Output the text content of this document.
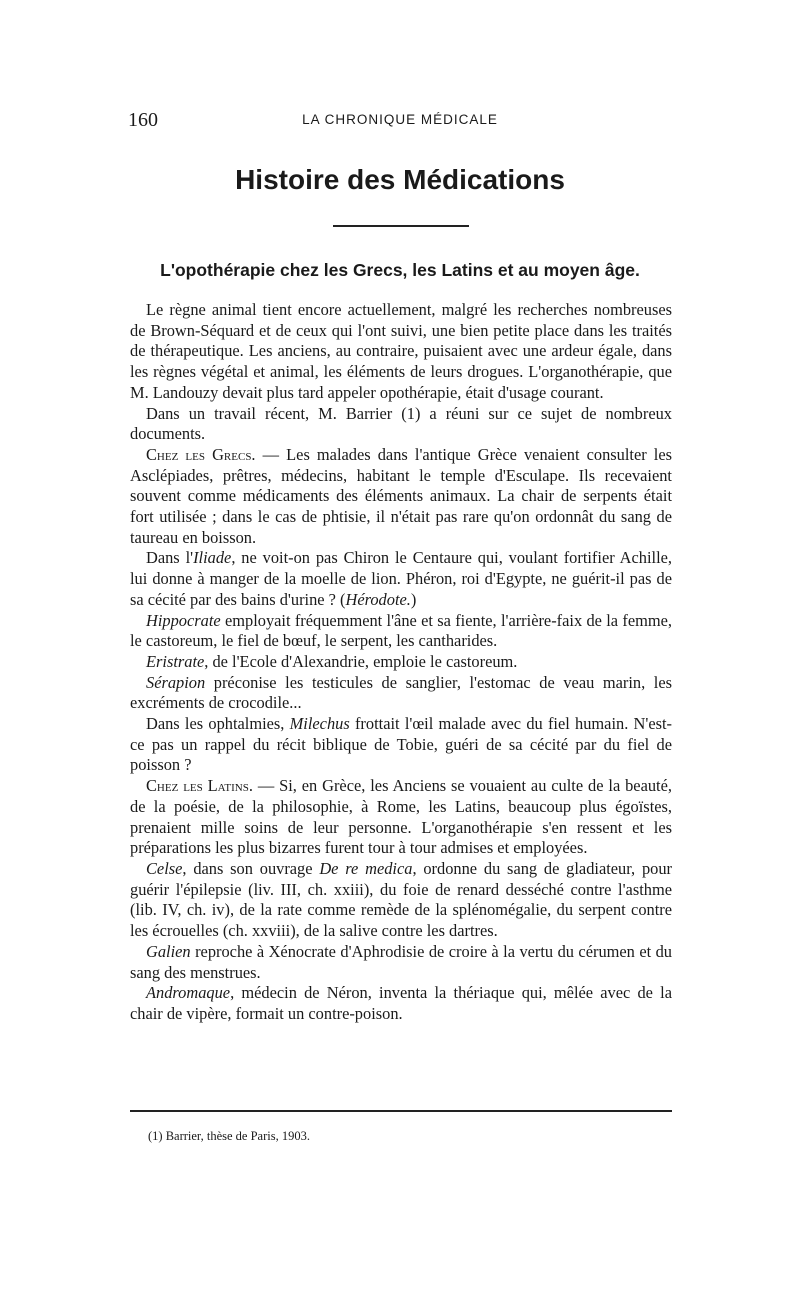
160	LA CHRONIQUE MÉDICALE
Histoire des Médications
L'opothérapie chez les Grecs, les Latins et au moyen âge.

Le règne animal tient encore actuellement, malgré les recherches nombreuses de Brown-Séquard et de ceux qui l'ont suivi, une bien petite place dans les traités de thérapeutique. Les anciens, au contraire, puisaient avec une ardeur égale, dans les règnes végétal et animal, les éléments de leurs drogues. L'organothérapie, que M. Landouzy devait plus tard appeler opothérapie, était d'usage courant.

Dans un travail récent, M. Barrier (1) a réuni sur ce sujet de nombreux documents.

Chez les Grecs. — Les malades dans l'antique Grèce venaient consulter les Asclépiades, prêtres, médecins, habitant le temple d'Esculape. Ils recevaient souvent comme médicaments des éléments animaux. La chair de serpents était fort utilisée ; dans le cas de phtisie, il n'était pas rare qu'on ordonnât du sang de taureau en boisson.

Dans l'Iliade, ne voit-on pas Chiron le Centaure qui, voulant fortifier Achille, lui donne à manger de la moelle de lion. Phéron, roi d'Egypte, ne guérit-il pas de sa cécité par des bains d'urine ? (Hérodote.)

Hippocrate employait fréquemment l'âne et sa fiente, l'arrière-faix de la femme, le castoreum, le fiel de bœuf, le serpent, les cantharides.

Eristrate, de l'Ecole d'Alexandrie, emploie le castoreum.

Sérapion préconise les testicules de sanglier, l'estomac de veau marin, les excréments de crocodile...

Dans les ophtalmies, Milechus frottait l'œil malade avec du fiel humain. N'est-ce pas un rappel du récit biblique de Tobie, guéri de sa cécité par du fiel de poisson ?

Chez les Latins. — Si, en Grèce, les Anciens se vouaient au culte de la beauté, de la poésie, de la philosophie, à Rome, les Latins, beaucoup plus égoïstes, prenaient mille soins de leur personne. L'organothérapie s'en ressent et les préparations les plus bizarres furent tour à tour admises et employées.

Celse, dans son ouvrage De re medica, ordonne du sang de gladiateur, pour guérir l'épilepsie (liv. III, ch. xxiii), du foie de renard desséché contre l'asthme (lib. IV, ch. iv), de la rate comme remède de la splénomégalie, du serpent contre les écrouelles (ch. xxviii), de la salive contre les dartres.

Galien reproche à Xénocrate d'Aphrodisie de croire à la vertu du cérumen et du sang des menstrues.

Andromaque, médecin de Néron, inventa la thériaque qui, mêlée avec de la chair de vipère, formait un contre-poison.

(1) Barrier, thèse de Paris, 1903.
